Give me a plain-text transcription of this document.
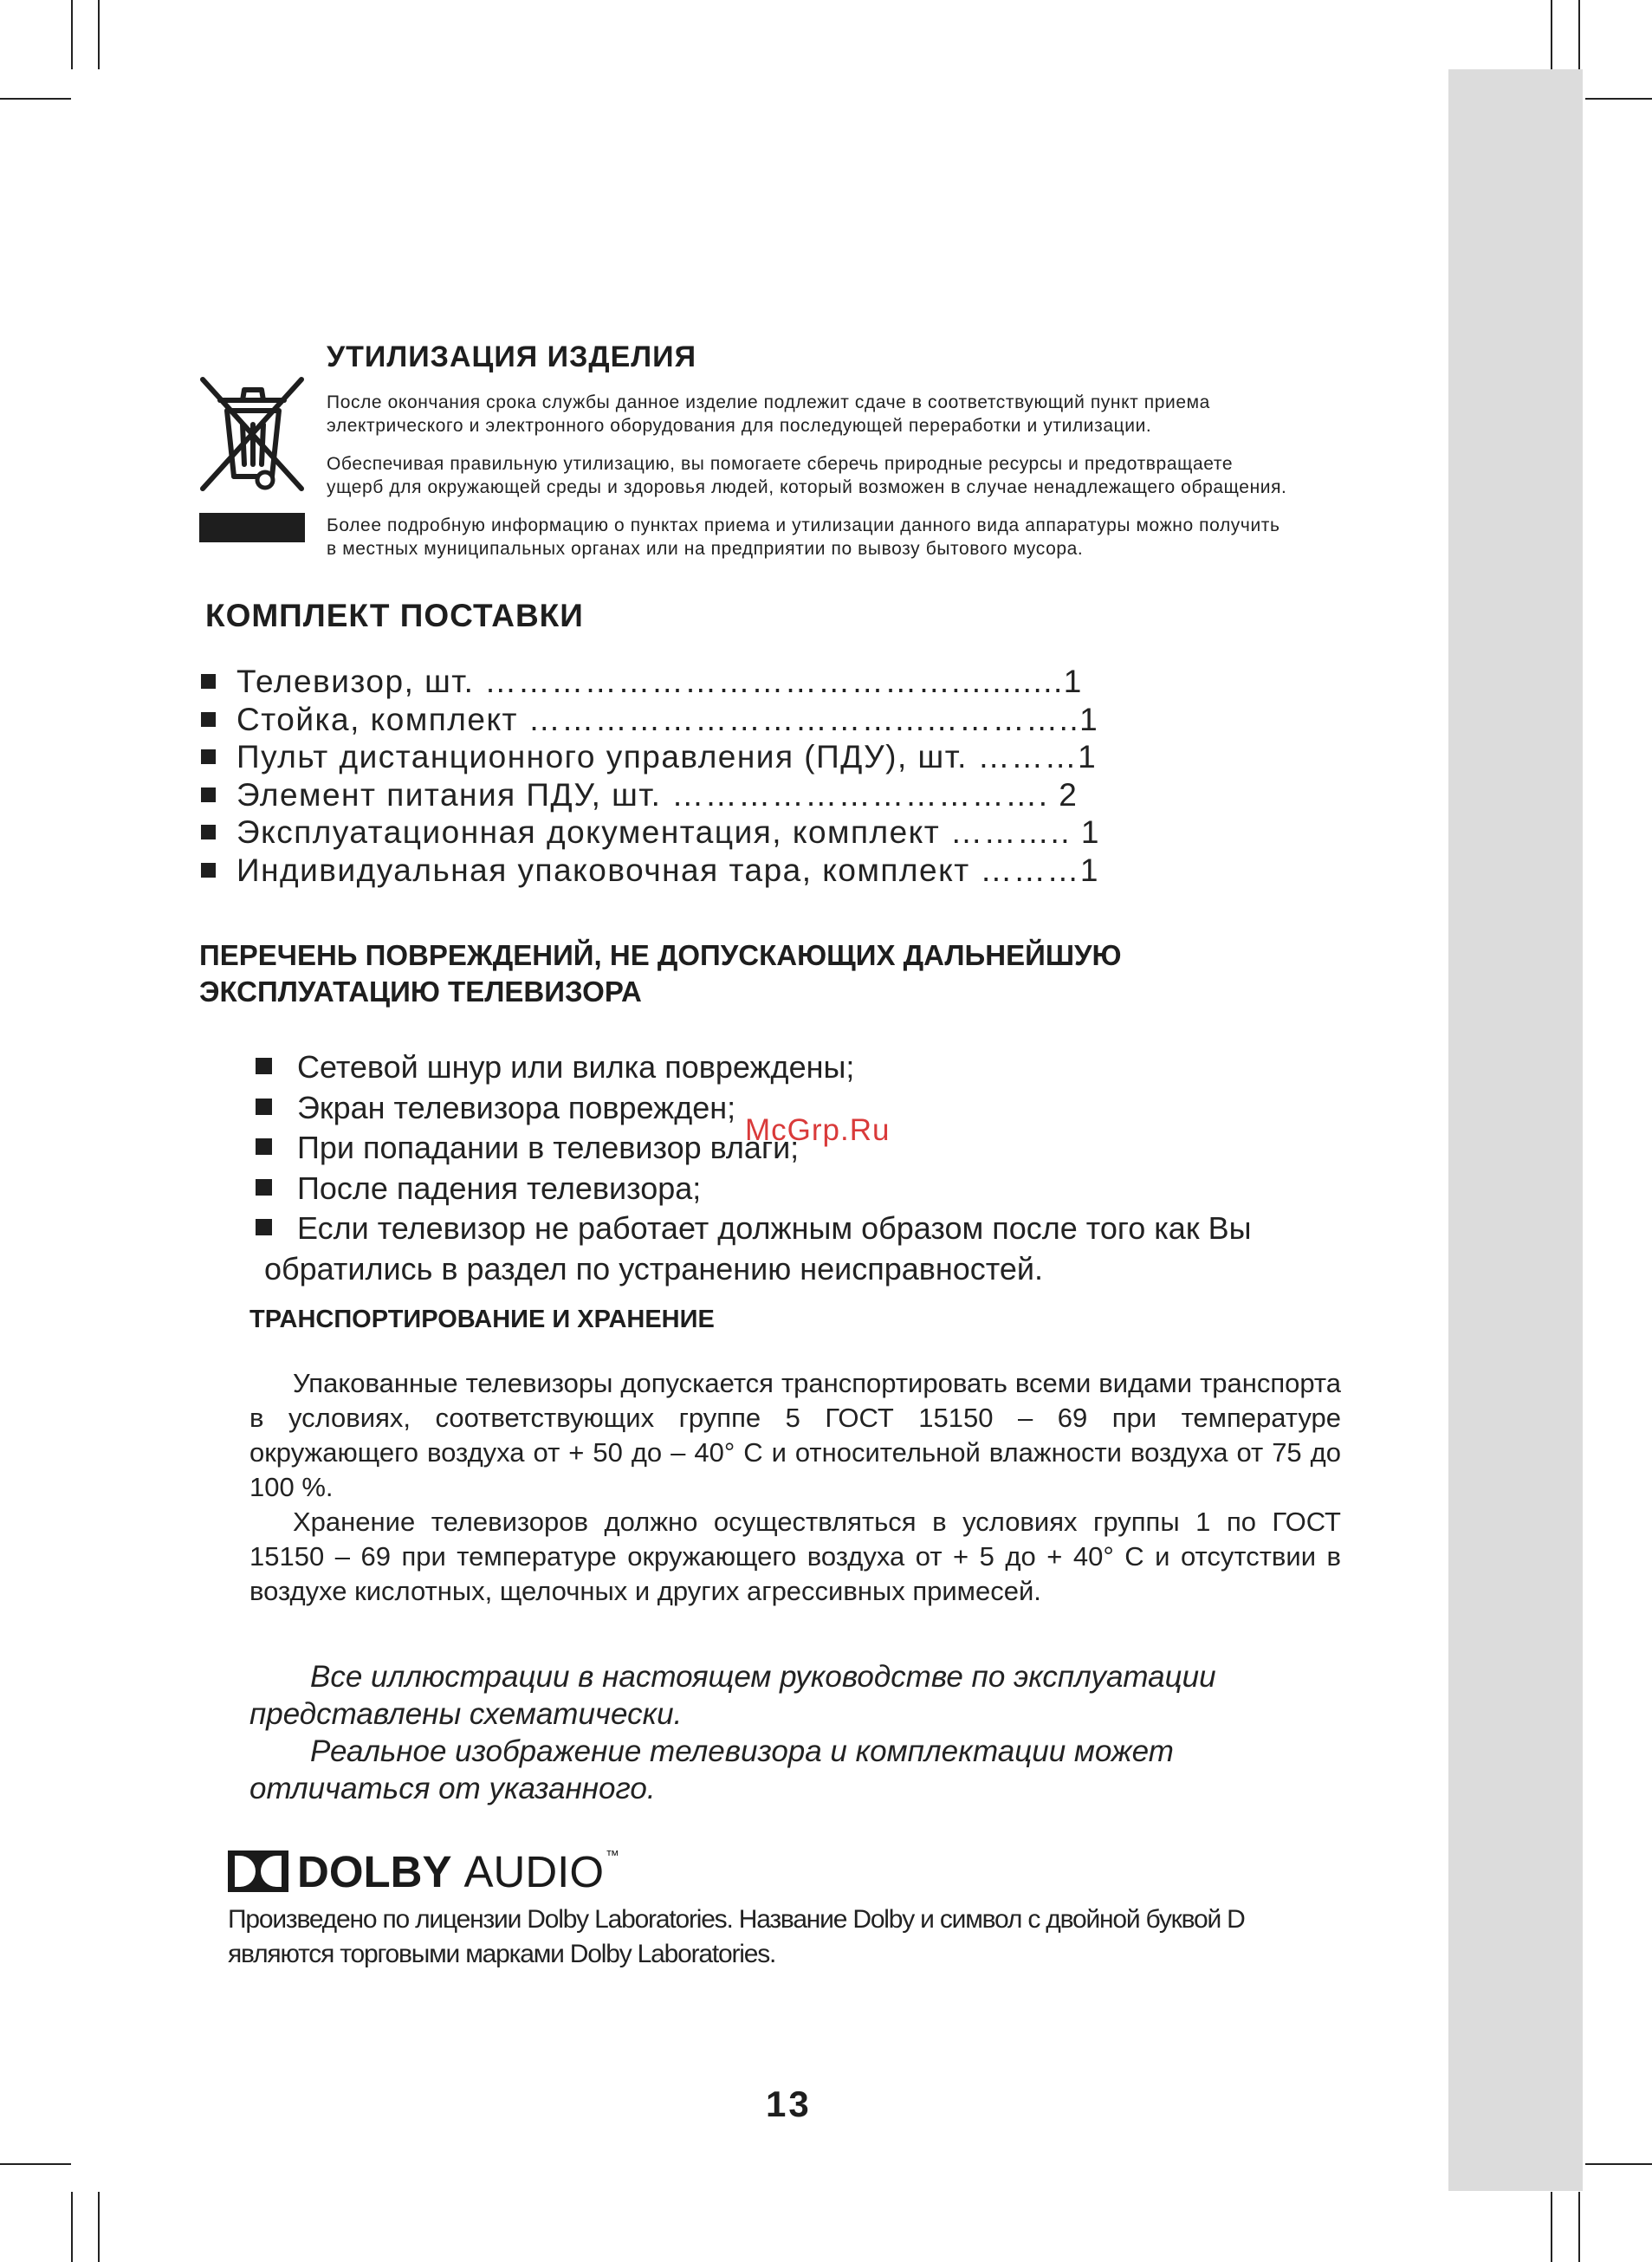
УТИЛИЗАЦИЯ ИЗДЕЛИЯ

После окончания срока службы данное изделие подлежит сдаче в соответствующий пункт приема

электрического и электронного оборудования для последующей переработки и утилизации.

Обеспечивая правильную утилизацию, вы помогаете сберечь природные ресурсы и предотвращаете

ущерб для окружающей среды и здоровья людей, который возможен в случае ненадлежащего обращения.

Более подробную информацию о пунктах приема и утилизации данного вида аппаратуры можно получить

в местных муниципальных органах или на предприятии по вывозу бытового мусора.

КОМПЛЕКТ ПОСТАВКИ
Телевизор, шт. ……………………………………...........1
Стойка, комплект ……………………………...…………..1
Пульт дистанционного управления (ПДУ), шт. ………1
Элемент питания ПДУ, шт. ……………………………. 2
Эксплуатационная документация, комплект ……….. 1
Индивидуальная упаковочная тара, комплект ………1
ПЕРЕЧЕНЬ ПОВРЕЖДЕНИЙ, НЕ ДОПУСКАЮЩИХ ДАЛЬНЕЙШУЮ
ЭКСПЛУАТАЦИЮ ТЕЛЕВИЗОРА
Сетевой шнур или вилка повреждены;
Экран телевизора поврежден;
При попадании в телевизор влаги;
После падения телевизора;
Если телевизор не работает должным образом после того как Вы
обратились в раздел по устранению неисправностей.
McGrp.Ru
ТРАНСПОРТИРОВАНИЕ И ХРАНЕНИЕ

Упакованные телевизоры допускается транспортировать всеми видами транспорта в условиях, соответствующих группе 5 ГОСТ 15150 – 69 при температуре окружающего воздуха от + 50 до – 40° С и относительной влажности воздуха от 75 до 100 %.

Хранение телевизоров должно осуществляться в условиях группы 1 по ГОСТ 15150 – 69 при температуре окружающего воздуха от + 5 до + 40° С и отсутствии в воздухе кислотных, щелочных и других агрессивных примесей.

Все иллюстрации в настоящем руководстве по эксплуатации

представлены схематически.

Реальное изображение телевизора и комплектации может

отличаться от указанного.

DOLBY AUDIO ™
Произведено по лицензии Dolby Laboratories. Название Dolby и символ с двойной буквой D
являются торговыми марками Dolby Laboratories.
13
